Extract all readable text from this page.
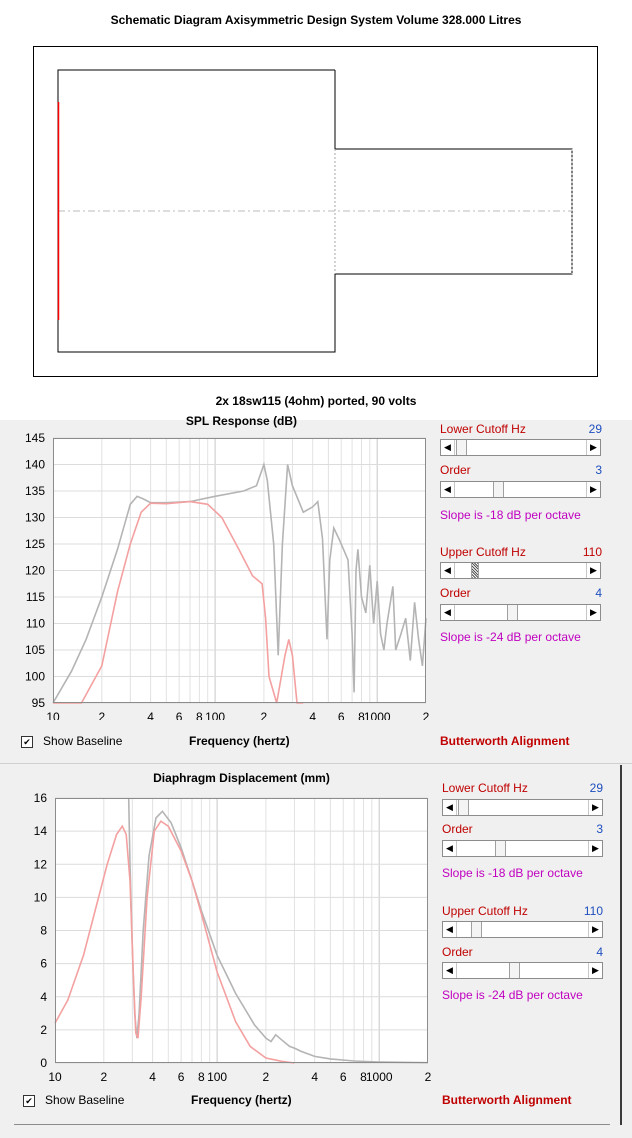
Schematic Diagram Axisymmetric Design System Volume 328.000 Litres
2x 18sw115 (4ohm) ported, 90 volts
SPL Response (dB)
95
100
105
110
115
120
125
130
135
140
145
10	2	4 6 8 100	2	4 6 8 1000	2
✔ Show Baseline	Frequency (hertz)	Butterworth Alignment
Lower Cutoff Hz	29
◀	▶
Order	3
◀	▶
Slope is -18 dB per octave
Upper Cutoff Hz	110
◀	▶
Order	4
◀	▶
Slope is -24 dB per octave
Diaphragm Displacement (mm)
0
2
4
6
8
10
12
14
16
10	2	4 6 8 100	2	4 6 8 1000	2
✔ Show Baseline	Frequency (hertz)	Butterworth Alignment
Lower Cutoff Hz	29
◀	▶
Order	3
◀	▶
Slope is -18 dB per octave
Upper Cutoff Hz	110
◀	▶
Order	4
◀	▶
Slope is -24 dB per octave
